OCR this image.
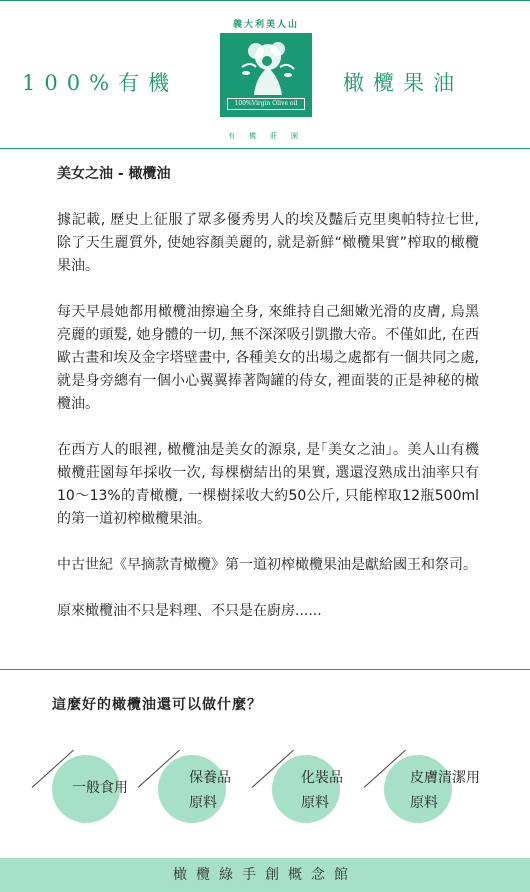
100%有機
義大利美人山
100%Virgin Olive oil
有機莊園
橄欖果油
美女之油 - 橄欖油

據記載, 歷史上征服了眾多優秀男人的埃及豔后克里奧帕特拉七世, 除了天生麗質外, 使她容顏美麗的, 就是新鮮“橄欖果實”榨取的橄欖果油。

每天早晨她都用橄欖油擦遍全身, 來維持自己細嫩光滑的皮膚, 烏黑亮麗的頭髮, 她身體的一切, 無不深深吸引凱撒大帝。不僅如此, 在西歐古畫和埃及金字塔壁畫中, 各種美女的出場之處都有一個共同之處, 就是身旁總有一個小心翼翼捧著陶罐的侍女, 裡面裝的正是神秘的橄欖油。

在西方人的眼裡, 橄欖油是美女的源泉, 是｢美女之油｣。美人山有機橄欖莊園每年採收一次, 每棵樹結出的果實, 選還沒熟成出油率只有10～13%的青橄欖, 一棵樹採收大約50公斤, 只能榨取12瓶500ml的第一道初榨橄欖果油。

中古世紀《早摘款青橄欖》第一道初榨橄欖果油是獻給國王和祭司。

原來橄欖油不只是料理、不只是在廚房......

這麼好的橄欖油還可以做什麼？
一般食用
保養品
原料
化裝品
原料
皮膚清潔用
原料
橄欖綠手創概念館
